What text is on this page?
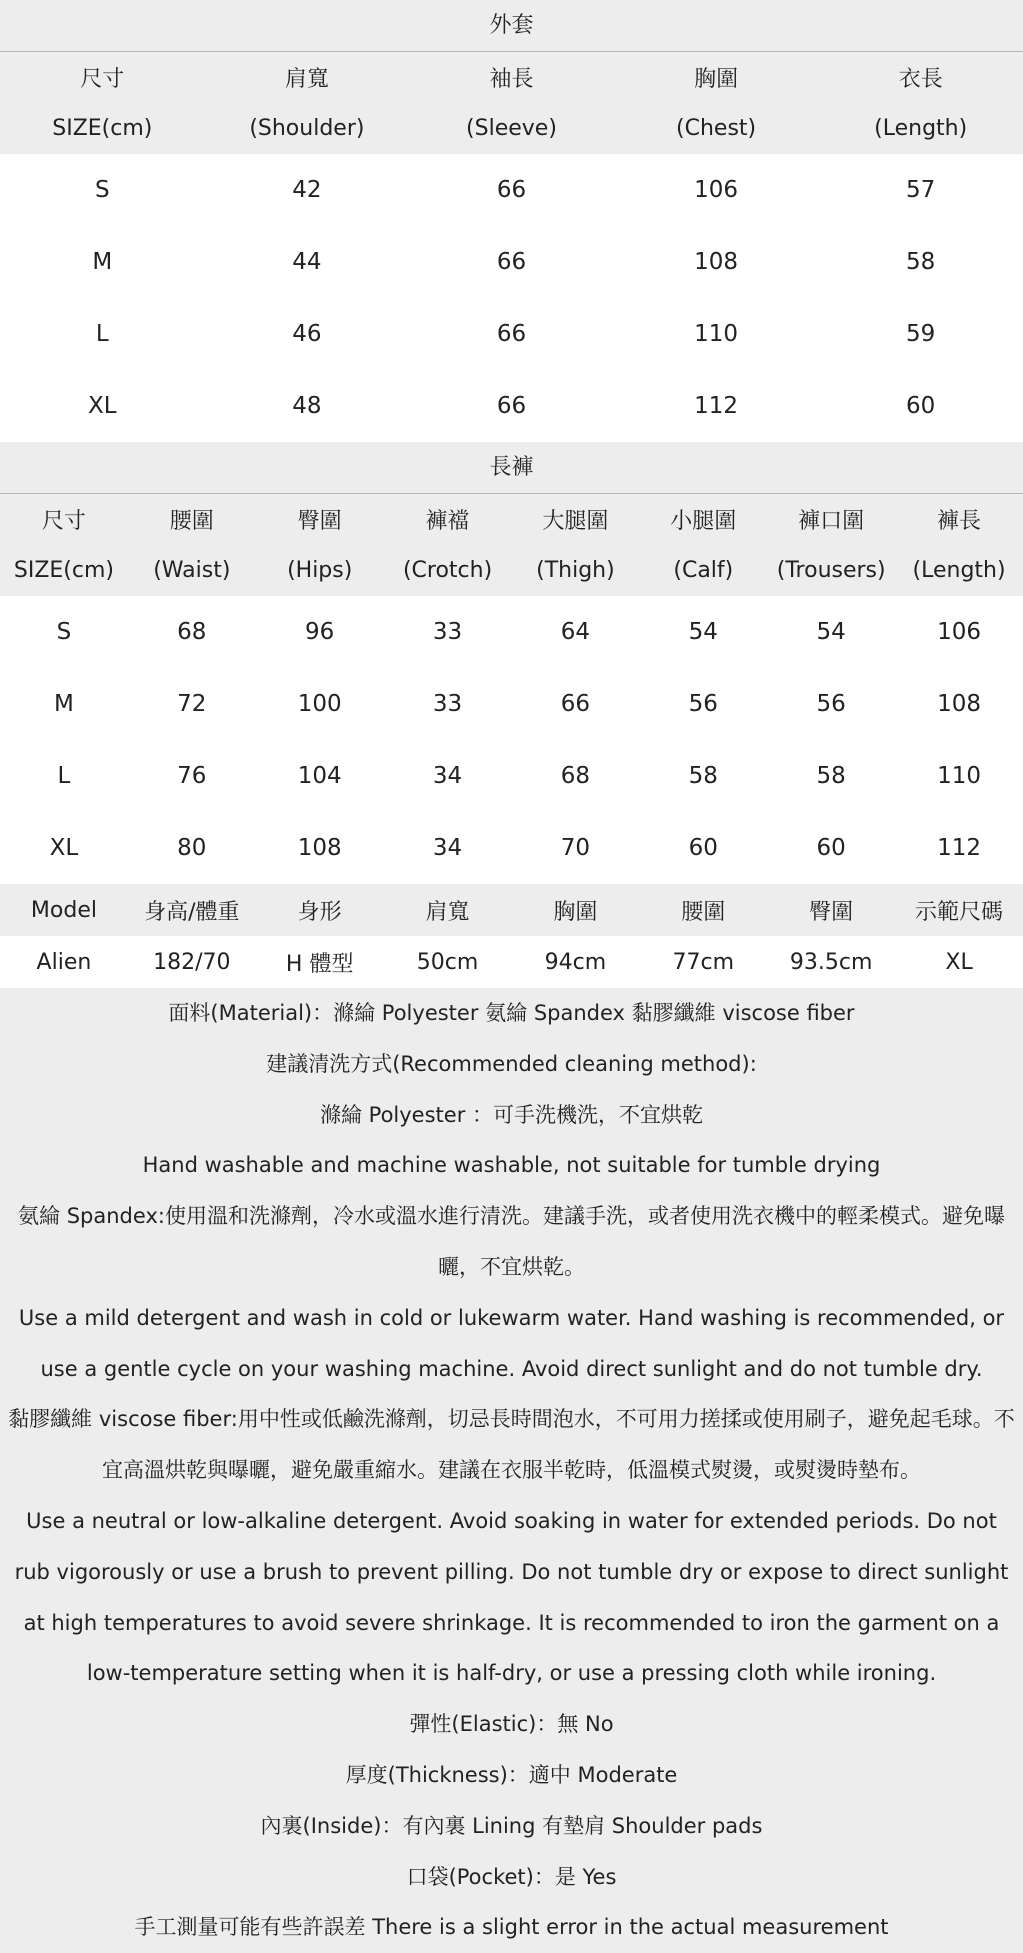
外套
尺寸	肩寬	袖長	胸圍	衣長
SIZE(cm)	(Shoulder)	(Sleeve)	(Chest)	(Length)
S	42	66	106	57
M	44	66	108	58
L	46	66	110	59
XL	48	66	112	60
長褲
尺寸	腰圍	臀圍	褲襠	大腿圍	小腿圍	褲口圍	褲長
SIZE(cm)	(Waist)	(Hips)	(Crotch)	(Thigh)	(Calf)	(Trousers)	(Length)
S	68	96	33	64	54	54	106
M	72	100	33	66	56	56	108
L	76	104	34	68	58	58	110
XL	80	108	34	70	60	60	112
Model	身高/體重	身形	肩寬	胸圍	腰圍	臀圍	示範尺碼
Alien	182/70	H 體型	50cm	94cm	77cm	93.5cm	XL

面料(Material)：滌綸 Polyester 氨綸 Spandex 黏膠纖維 viscose fiber

建議清洗方式(Recommended cleaning method):

滌綸 Polyester ：可手洗機洗，不宜烘乾

Hand washable and machine washable, not suitable for tumble drying

氨綸 Spandex:使用溫和洗滌劑，冷水或溫水進行清洗。建議手洗，或者使用洗衣機中的輕柔模式。避免曝曬，不宜烘乾。

Use a mild detergent and wash in cold or lukewarm water. Hand washing is recommended, or use a gentle cycle on your washing machine. Avoid direct sunlight and do not tumble dry.

黏膠纖維 viscose fiber:用中性或低鹼洗滌劑，切忌長時間泡水，不可用力搓揉或使用刷子，避免起毛球。不宜高溫烘乾與曝曬，避免嚴重縮水。建議在衣服半乾時，低溫模式熨燙，或熨燙時墊布。

Use a neutral or low-alkaline detergent. Avoid soaking in water for extended periods. Do not rub vigorously or use a brush to prevent pilling. Do not tumble dry or expose to direct sunlight at high temperatures to avoid severe shrinkage. It is recommended to iron the garment on a low-temperature setting when it is half-dry, or use a pressing cloth while ironing.

彈性(Elastic)：無 No

厚度(Thickness)：適中 Moderate

內裏(Inside)：有內裏 Lining 有墊肩 Shoulder pads

口袋(Pocket)：是 Yes

手工測量可能有些許誤差 There is a slight error in the actual measurement
